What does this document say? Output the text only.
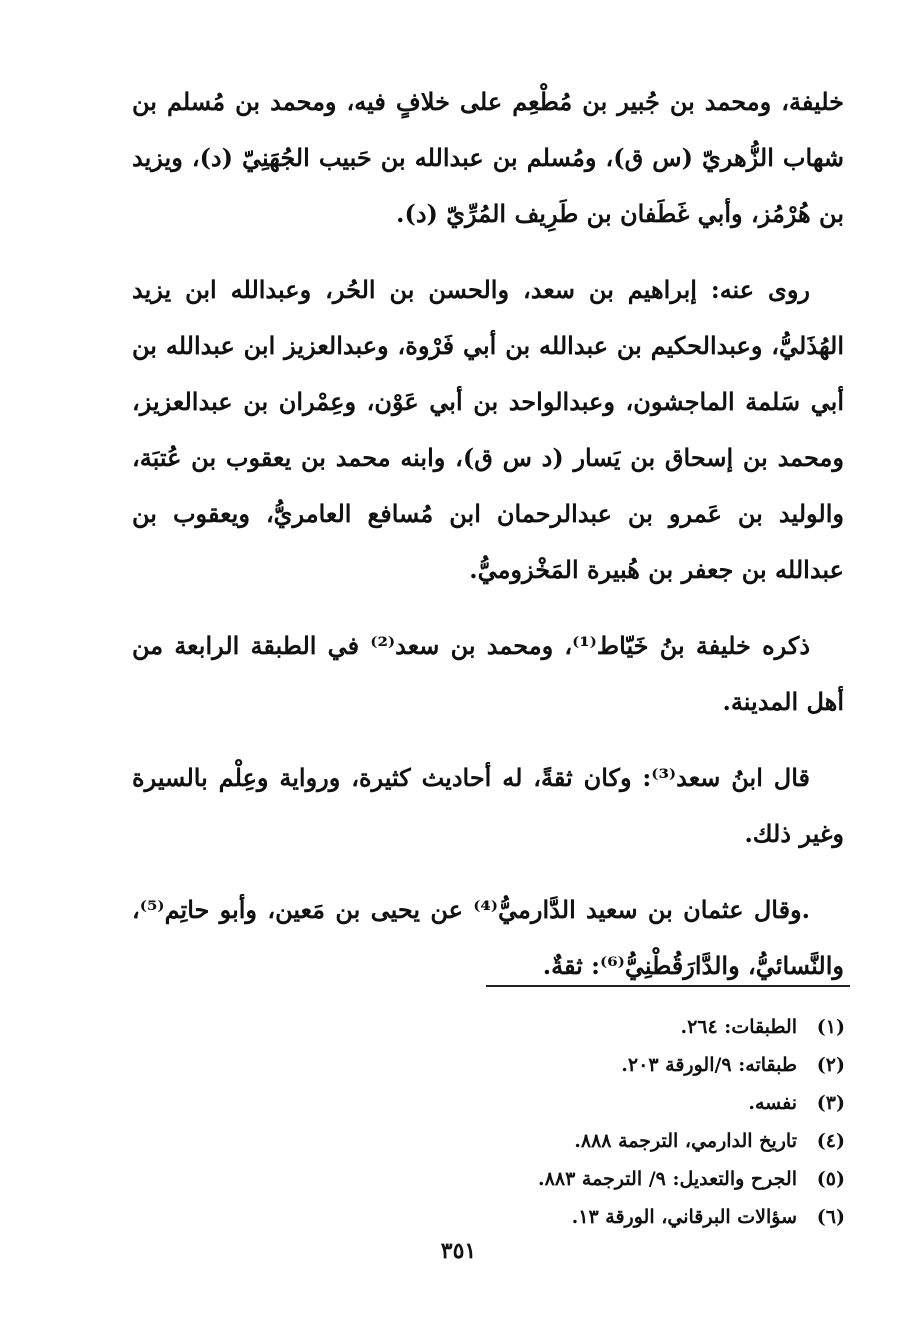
خليفة، ومحمد بن جُبير بن مُطْعِم على خلافٍ فيه، ومحمد بن مُسلم بن شهاب الزُّهريّ (س ق)، ومُسلم بن عبدالله بن حَبيب الجُهَنِيّ (د)، ويزيد بن هُرْمُز، وأبي غَطَفان بن طَرِيف المُرِّيّ (د).

روى عنه: إبراهيم بن سعد، والحسن بن الحُر، وعبدالله ابن يزيد الهُذَليُّ، وعبدالحكيم بن عبدالله بن أبي فَرْوة، وعبدالعزيز ابن عبدالله بن أبي سَلمة الماجشون، وعبدالواحد بن أبي عَوْن، وعِمْران بن عبدالعزيز، ومحمد بن إسحاق بن يَسار (د س ق)، وابنه محمد بن يعقوب بن عُتبَة، والوليد بن عَمرو بن عبدالرحمان ابن مُسافع العامريُّ، ويعقوب بن عبدالله بن جعفر بن هُبيرة المَخْزوميُّ.

ذكره خليفة بنُ خَيّاط⁽¹⁾، ومحمد بن سعد⁽²⁾ في الطبقة الرابعة من أهل المدينة.

قال ابنُ سعد⁽³⁾: وكان ثقةً، له أحاديث كثيرة، ورواية وعِلْم بالسيرة وغير ذلك.

.وقال عثمان بن سعيد الدَّارميُّ⁽⁴⁾ عن يحيى بن مَعين، وأبو حاتِم⁽⁵⁾، والنَّسائيُّ، والدَّارَقُطْنِيُّ⁽⁶⁾: ثقةٌ.

(١)الطبقات: ٢٦٤.
(٢)طبقاته: ٩/الورقة ٢٠٣.
(٣)نفسه.
(٤)تاريخ الدارمي، الترجمة ٨٨٨.
(٥)الجرح والتعديل: ٩/ الترجمة ٨٨٣.
(٦)سؤالات البرقاني، الورقة ١٣.
٣٥١
